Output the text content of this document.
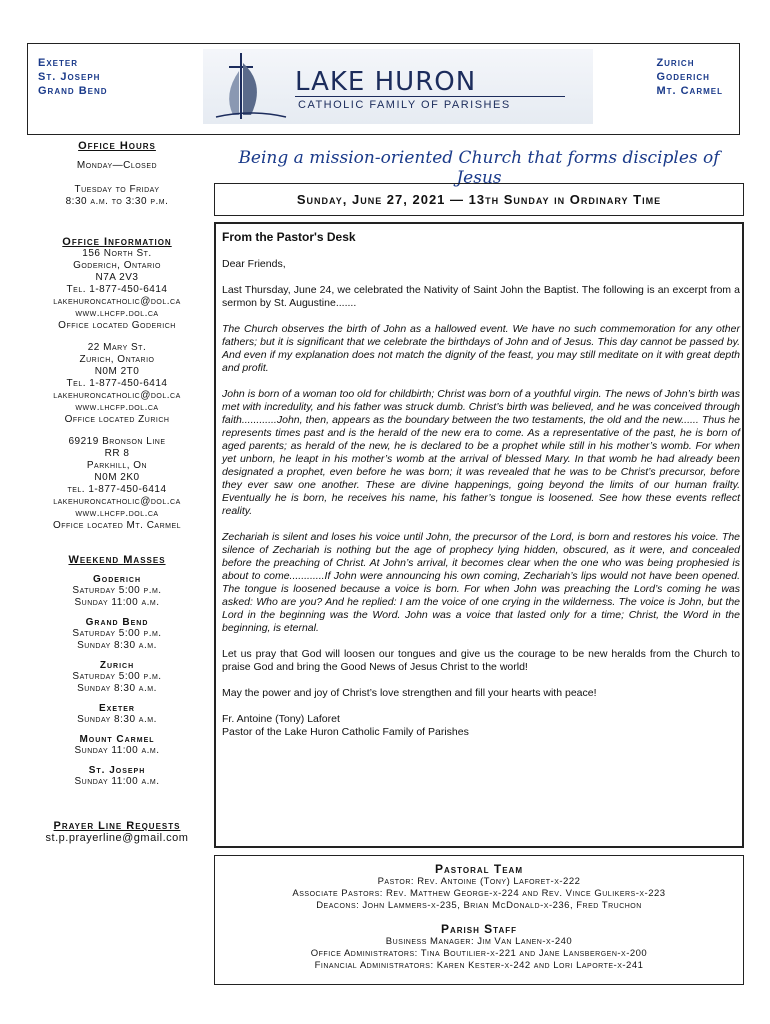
Exeter
St. Joseph
Grand Bend	LAKE HURON
CATHOLIC FAMILY OF PARISHES
Zurich
Goderich
Mt. Carmel
Office Hours
Monday—Closed
Tuesday to Friday
8:30 a.m. to 3:30 p.m.
Office Information
156 North St.
Goderich, Ontario
N7A 2V3
Tel. 1-877-450-6414
lakehuroncatholic@dol.ca
www.lhcfp.dol.ca
Office located Goderich
22 Mary St.
Zurich, Ontario
N0M 2T0
Tel. 1-877-450-6414
lakehuroncatholic@dol.ca
www.lhcfp.dol.ca
Office located Zurich
69219 Bronson Line
RR 8
Parkhill, On
N0M 2K0
tel. 1-877-450-6414
lakehuroncatholic@dol.ca
www.lhcfp.dol.ca
Office located Mt. Carmel
Weekend Masses
Goderich
Saturday 5:00 p.m.
Sunday 11:00 a.m.
Grand Bend
Saturday 5:00 p.m.
Sunday 8:30 a.m.
Zurich
Saturday 5:00 p.m.
Sunday 8:30 a.m.
Exeter
Sunday 8:30 a.m.
Mount Carmel
Sunday 11:00 a.m.
St. Joseph
Sunday 11:00 a.m.
Prayer Line Requests
st.p.prayerline@gmail.com
Being a mission-oriented Church that forms disciples of Jesus
Sunday, June 27, 2021 — 13th Sunday in Ordinary Time
From the Pastor's Desk

Dear Friends,

Last Thursday, June 24, we celebrated the Nativity of Saint John the Baptist. The following is an excerpt from a sermon by St. Augustine.......

The Church observes the birth of John as a hallowed event. We have no such commemoration for any other fathers; but it is significant that we celebrate the birthdays of John and of Jesus. This day cannot be passed by. And even if my explanation does not match the dignity of the feast, you may still meditate on it with great depth and profit.

John is born of a woman too old for childbirth; Christ was born of a youthful virgin. The news of John’s birth was met with incredulity, and his father was struck dumb. Christ’s birth was believed, and he was conceived through faith............John, then, appears as the boundary between the two testaments, the old and the new...... Thus he represents times past and is the herald of the new era to come. As a representative of the past, he is born of aged parents; as herald of the new, he is declared to be a prophet while still in his mother’s womb. For when yet unborn, he leapt in his mother’s womb at the arrival of blessed Mary. In that womb he had already been designated a prophet, even before he was born; it was revealed that he was to be Christ’s precursor, before they ever saw one another. These are divine happenings, going beyond the limits of our human frailty. Eventually he is born, he receives his name, his father’s tongue is loosened. See how these events reflect reality.

Zechariah is silent and loses his voice until John, the precursor of the Lord, is born and restores his voice. The silence of Zechariah is nothing but the age of prophecy lying hidden, obscured, as it were, and concealed before the preaching of Christ. At John’s arrival, it becomes clear when the one who was being prophesied is about to come............If John were announcing his own coming, Zechariah’s lips would not have been opened. The tongue is loosened because a voice is born. For when John was preaching the Lord’s coming he was asked: Who are you? And he replied: I am the voice of one crying in the wilderness. The voice is John, but the Lord in the beginning was the Word. John was a voice that lasted only for a time; Christ, the Word in the beginning, is eternal.

Let us pray that God will loosen our tongues and give us the courage to be new heralds from the Church to praise God and bring the Good News of Jesus Christ to the world!

May the power and joy of Christ’s love strengthen and fill your hearts with peace!

Fr. Antoine (Tony) Laforet
Pastor of the Lake Huron Catholic Family of Parishes
Pastoral Team
Pastor: Rev. Antoine (Tony) Laforet-x-222
Associate Pastors: Rev. Matthew George-x-224 and Rev. Vince Gulikers-x-223
Deacons: John Lammers-x-235, Brian McDonald-x-236, Fred Truchon
Parish Staff
Business Manager: Jim Van Lanen-x-240
Office Administrators: Tina Boutilier-x-221 and Jane Lansbergen-x-200
Financial Administrators: Karen Kester-x-242 and Lori Laporte-x-241
